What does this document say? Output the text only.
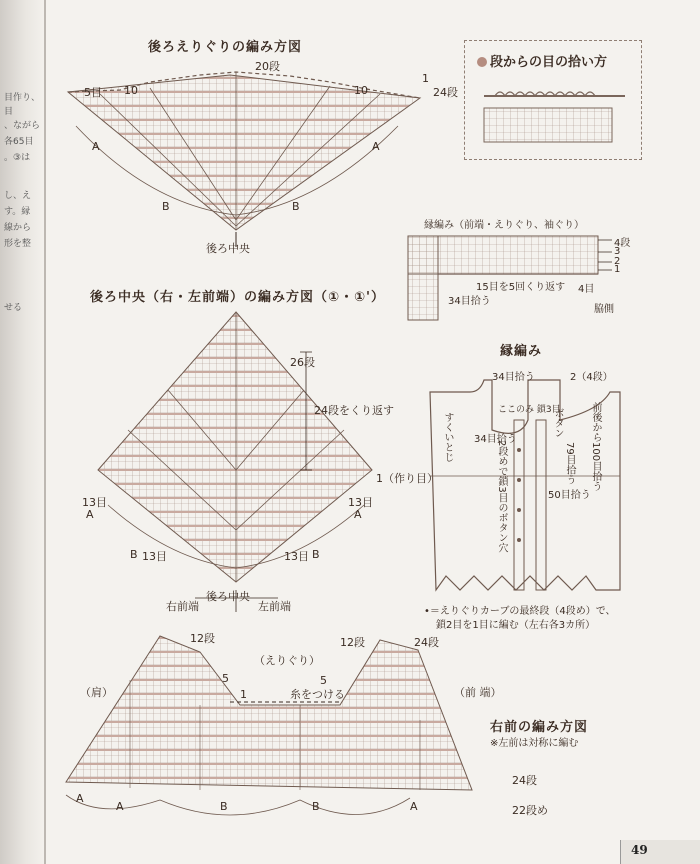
目作り、
目
、ながら
各65目
。③は
し、え
す。縁
線から
形を整
せる
後ろえりぐりの編み方図
20段
24段
5目 10	10
1
A	A
B	B
後ろ中央
段からの目の拾い方
縁編み（前端・えりぐり、袖ぐり）
4段
3
2
1
15目を5回くり返す
34目拾う
4目
脇側
後ろ中央（右・左前端）の編み方図（①・①'）
26段
24段をくり返す
1（作り目）
13目	13目
A	A
B 13目	13目 B
後ろ中央
右前端	左前端
縁編み
34目拾う	2（4段）
ここのみ 鎖3目
34目拾う
すくいとじ	ボタン
79目拾う
2段めで鎖3目のボタン穴	前後から100目拾う
50目拾う
•＝えりぐりカーブの最終段（4段め）で、
鎖2目を1目に編む（左右各3カ所）
12段	12段	24段
（えりぐり）
5	5
1
（肩）	糸をつける	（前 端）
右前の編み方図
※左前は対称に編む
24段
22段め
A
A	B	B	A
49
